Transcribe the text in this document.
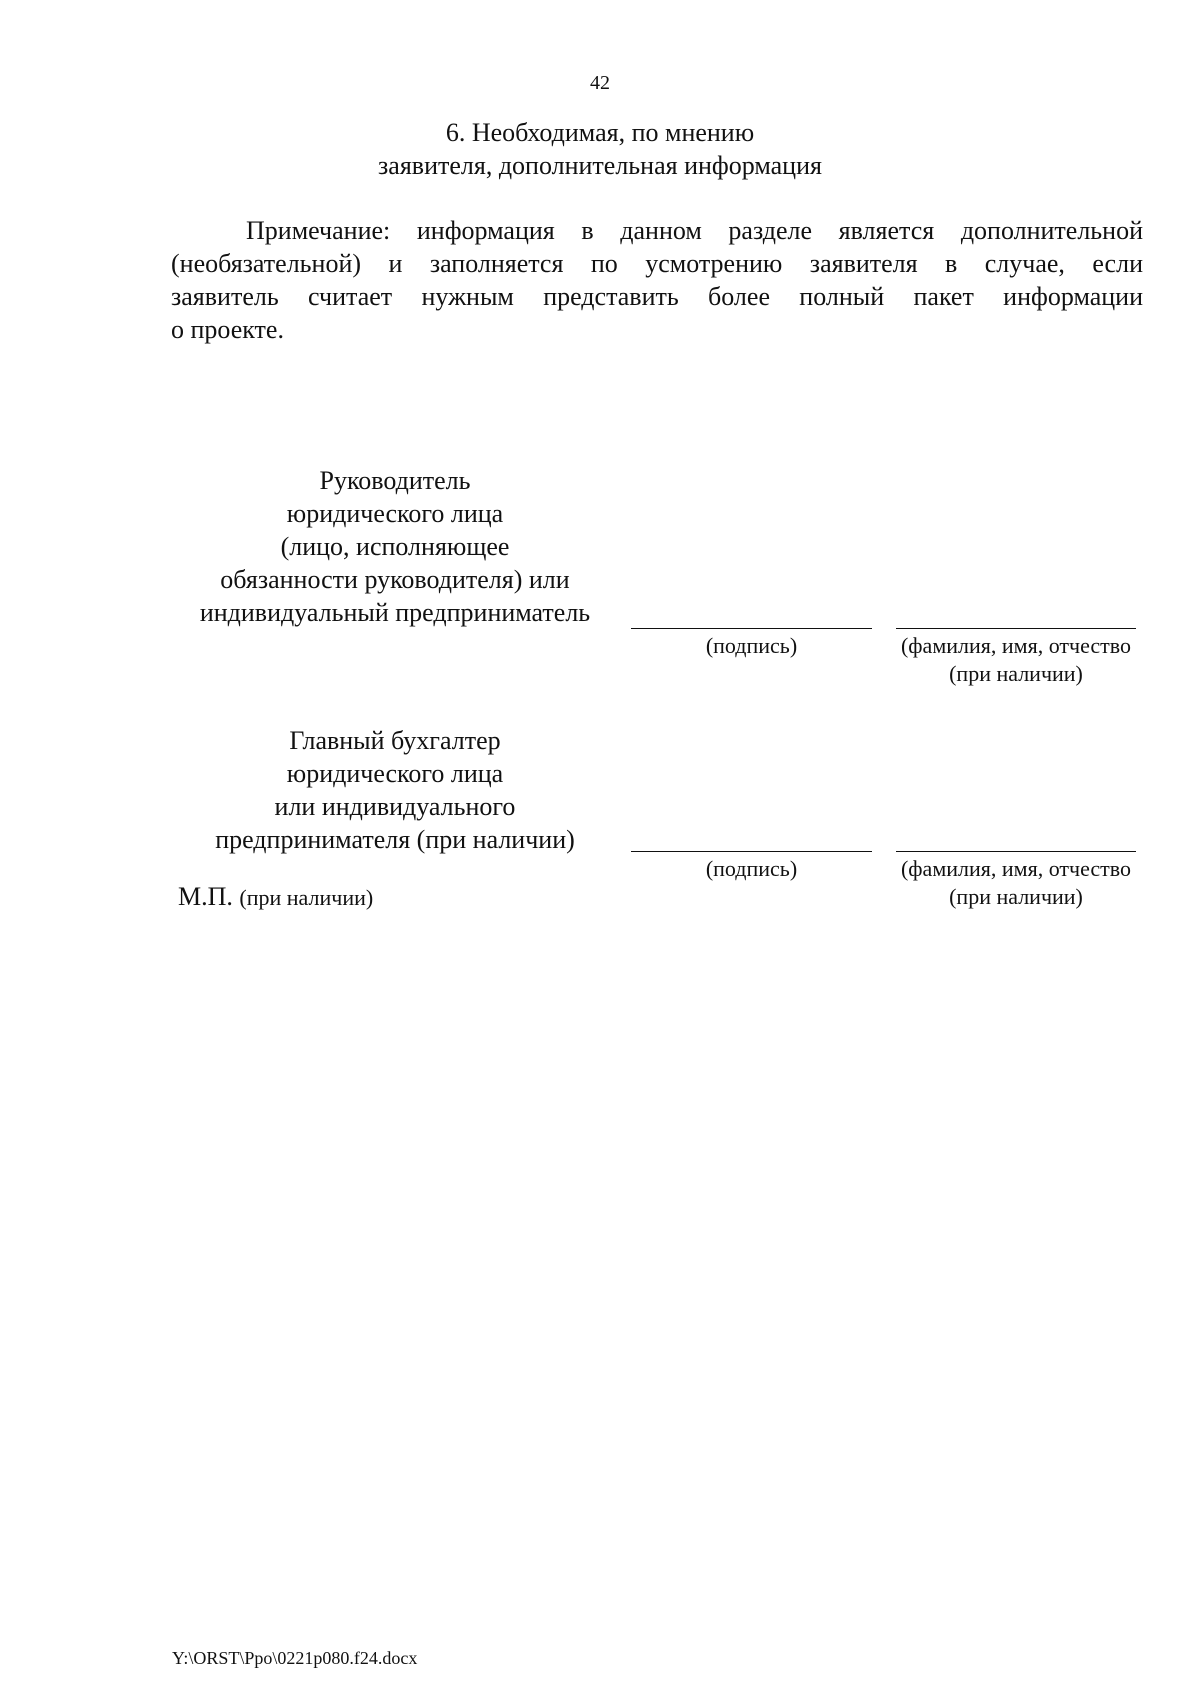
42
6. Необходимая, по мнению
заявителя, дополнительная информация
Примечание: информация в данном разделе является дополнительной
(необязательной) и заполняется по усмотрению заявителя в случае, если
заявитель считает нужным представить более полный пакет информации
о проекте.
Руководитель
юридического лица
(лицо, исполняющее
обязанности руководителя) или
индивидуальный предприниматель
(подпись)	(фамилия, имя, отчество
(при наличии)
Главный бухгалтер
юридического лица
или индивидуального
предпринимателя (при наличии)
(подпись)	(фамилия, имя, отчество
(при наличии)
М.П. (при наличии)
Y:\ORST\Ppo\0221p080.f24.docx
